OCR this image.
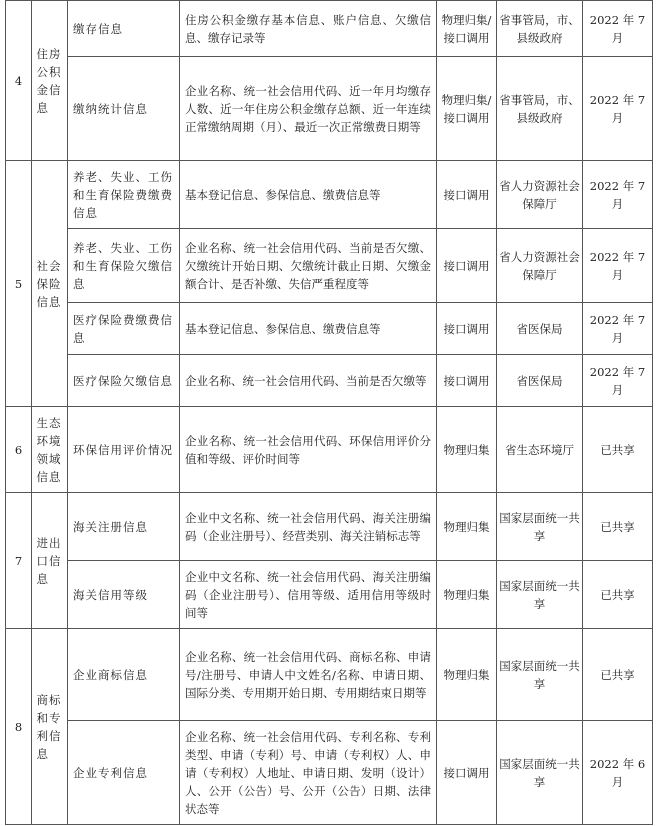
4	住房公积金信息	缴存信息	住房公积金缴存基本信息、账户信息、欠缴信息、缴存记录等	物理归集/接口调用	省事管局，市、县级政府	2022 年 7 月
		缴纳统计信息	企业名称、统一社会信用代码、近一年月均缴存人数、近一年住房公积金缴存总额、近一年连续正常缴纳周期（月）、最近一次正常缴费日期等	物理归集/接口调用	省事管局，市、县级政府	2022 年 7 月
5	社会保险信息	养老、失业、工伤和生育保险费缴费信息	基本登记信息、参保信息、缴费信息等	接口调用	省人力资源社会保障厅	2022 年 7 月
		养老、失业、工伤和生育保险欠缴信息	企业名称、统一社会信用代码、当前是否欠缴、欠缴统计开始日期、欠缴统计截止日期、欠缴金额合计、是否补缴、失信严重程度等	接口调用	省人力资源社会保障厅	2022 年 7 月
		医疗保险费缴费信息	基本登记信息、参保信息、缴费信息等	接口调用	省医保局	2022 年 7 月
		医疗保险欠缴信息	企业名称、统一社会信用代码、当前是否欠缴等	接口调用	省医保局	2022 年 7 月
6	生态环境领域信息	环保信用评价情况	企业名称、统一社会信用代码、环保信用评价分值和等级、评价时间等	物理归集	省生态环境厅	已共享
7	进出口信息	海关注册信息	企业中文名称、统一社会信用代码、海关注册编码（企业注册号）、经营类别、海关注销标志等	物理归集	国家层面统一共享	已共享
		海关信用等级	企业中文名称、统一社会信用代码、海关注册编码（企业注册号）、信用等级、适用信用等级时间等	物理归集	国家层面统一共享	已共享
8	商标和专利信息	企业商标信息	企业名称、统一社会信用代码、商标名称、申请号/注册号、申请人中文姓名/名称、申请日期、国际分类、专用期开始日期、专用期结束日期等	物理归集	国家层面统一共享	已共享
		企业专利信息	企业名称、统一社会信用代码、专利名称、专利类型、申请（专利）号、申请（专利权）人、申请（专利权）人地址、申请日期、发明（设计）人、公开（公告）号、公开（公告）日期、法律状态等	接口调用	国家层面统一共享	2022 年 6 月
